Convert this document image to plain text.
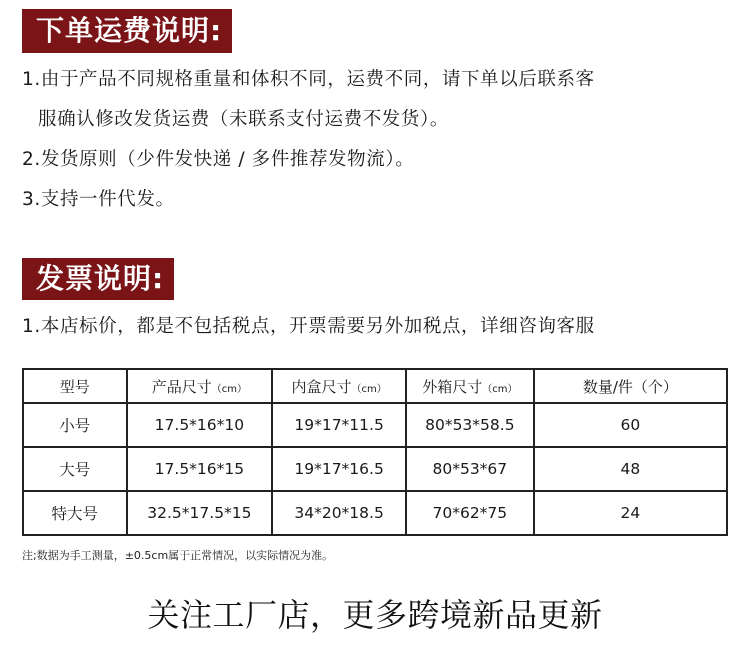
下单运费说明:
1.由于产品不同规格重量和体积不同，运费不同，请下单以后联系客
服确认修改发货运费（未联系支付运费不发货）。
2.发货原则（少件发快递 / 多件推荐发物流）。
3.支持一件代发。
发票说明:
1.本店标价，都是不包括税点，开票需要另外加税点，详细咨询客服
型号	产品尺寸（cm）	内盒尺寸（cm）	外箱尺寸（cm）	数量/件（个）
小号	17.5*16*10	19*17*11.5	80*53*58.5	60
大号	17.5*16*15	19*17*16.5	80*53*67	48
特大号	32.5*17.5*15	34*20*18.5	70*62*75	24
注;数据为手工测量，±0.5cm属于正常情况，以实际情况为准。
关注工厂店，更多跨境新品更新
